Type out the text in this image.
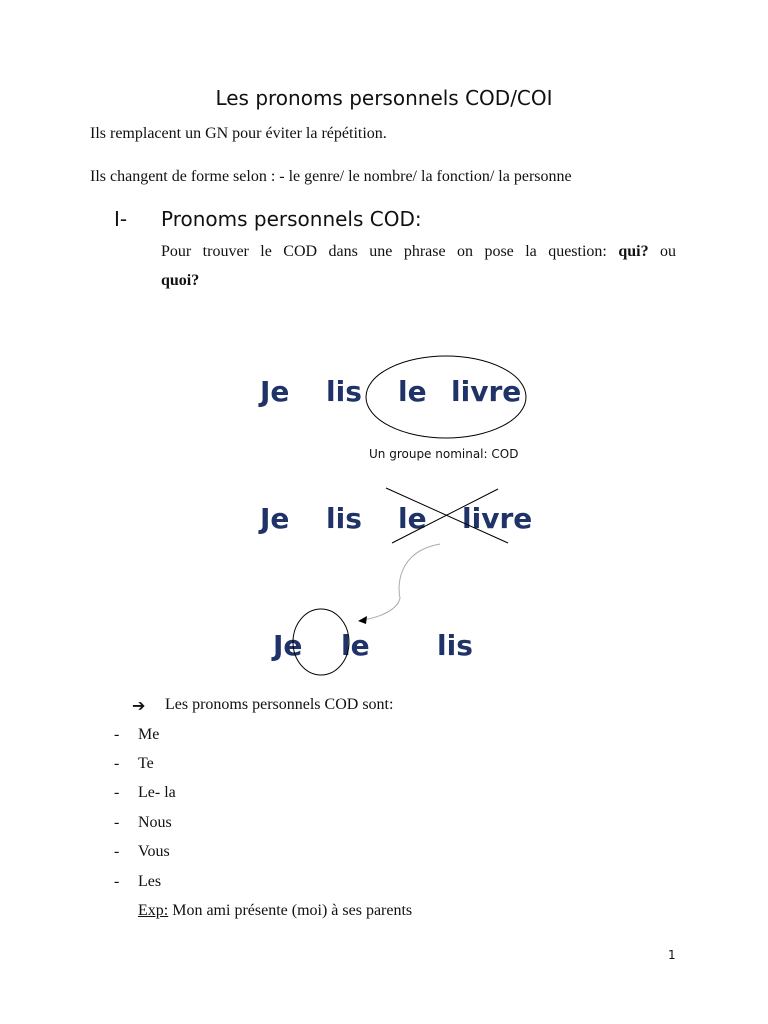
Les pronoms personnels COD/COI
Ils remplacent un GN pour éviter la répétition.
Ils changent de forme selon : - le genre/ le nombre/ la fonction/ la personne
I- Pronoms personnels COD:
Pour trouver le COD dans une phrase on pose la question: qui? ou
quoi?
Je lis le livre
Un groupe nominal: COD
Je lis le livre
Je le lis
➔ Les pronoms personnels COD sont:
- Me
- Te
- Le- la
- Nous
- Vous
- Les
Exp: Mon ami présente (moi) à ses parents
1
